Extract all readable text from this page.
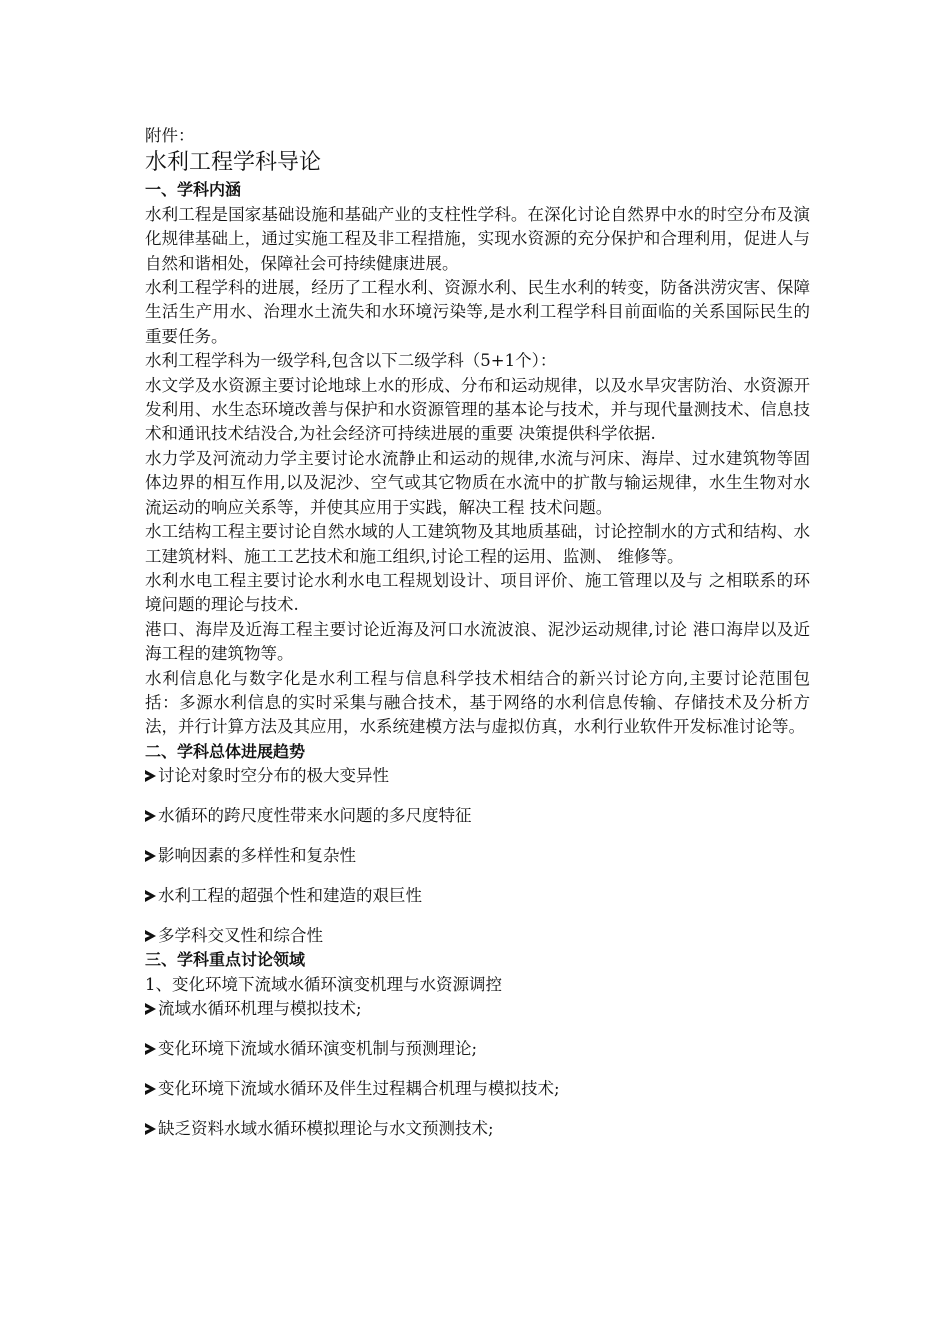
附件：

水利工程学科导论
一、学科内涵

水利工程是国家基础设施和基础产业的支柱性学科。在深化讨论自然界中水的时空分布及演化规律基础上，通过实施工程及非工程措施，实现水资源的充分保护和合理利用，促进人与自然和谐相处，保障社会可持续健康进展。

水利工程学科的进展，经历了工程水利、资源水利、民生水利的转变，防备洪涝灾害、保障生活生产用水、治理水土流失和水环境污染等,是水利工程学科目前面临的关系国际民生的重要任务。

水利工程学科为一级学科,包含以下二级学科（5+1个）：

水文学及水资源主要讨论地球上水的形成、分布和运动规律，以及水旱灾害防治、水资源开发利用、水生态环境改善与保护和水资源管理的基本论与技术，并与现代量测技术、信息技术和通讯技术结没合,为社会经济可持续进展的重要 决策提供科学依据.

水力学及河流动力学主要讨论水流静止和运动的规律,水流与河床、海岸、过水建筑物等固体边界的相互作用,以及泥沙、空气或其它物质在水流中的扩散与输运规律，水生生物对水流运动的响应关系等，并使其应用于实践，解决工程 技术问题。

水工结构工程主要讨论自然水域的人工建筑物及其地质基础，讨论控制水的方式和结构、水工建筑材料、施工工艺技术和施工组织,讨论工程的运用、监测、 维修等。

水利水电工程主要讨论水利水电工程规划设计、项目评价、施工管理以及与 之相联系的环境问题的理论与技术.

港口、海岸及近海工程主要讨论近海及河口水流波浪、泥沙运动规律,讨论 港口海岸以及近海工程的建筑物等。

水利信息化与数字化是水利工程与信息科学技术相结合的新兴讨论方向,主要讨论范围包括：多源水利信息的实时采集与融合技术，基于网络的水利信息传输、存储技术及分析方法，并行计算方法及其应用，水系统建模方法与虚拟仿真，水利行业软件开发标准讨论等。

二、学科总体进展趋势
讨论对象时空分布的极大变异性
水循环的跨尺度性带来水问题的多尺度特征
影响因素的多样性和复杂性
水利工程的超强个性和建造的艰巨性
多学科交叉性和综合性
三、学科重点讨论领域

1、变化环境下流域水循环演变机理与水资源调控

流域水循环机理与模拟技术;
变化环境下流域水循环演变机制与预测理论;
变化环境下流域水循环及伴生过程耦合机理与模拟技术;
缺乏资料水域水循环模拟理论与水文预测技术;
